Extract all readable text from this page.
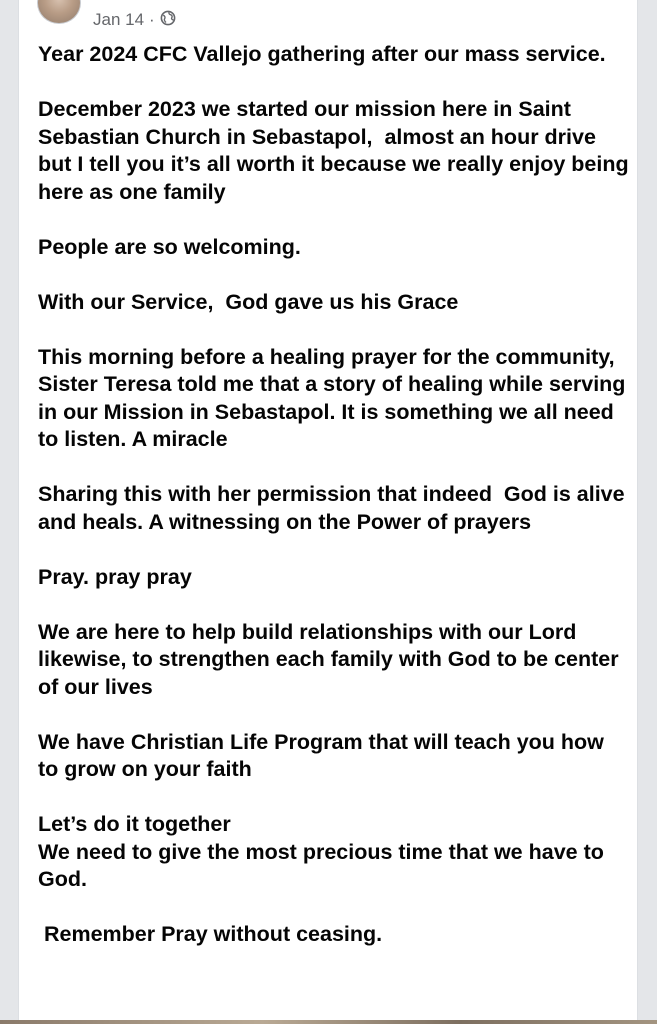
Jan 14 ·

Year 2024 CFC Vallejo gathering after our mass service.

December 2023 we started our mission here in Saint Sebastian Church in Sebastapol,  almost an hour drive but I tell you it’s all worth it because we really enjoy being here as one family

People are so welcoming.

With our Service,  God gave us his Grace

This morning before a healing prayer for the community, Sister Teresa told me that a story of healing while serving in our Mission in Sebastapol. It is something we all need to listen. A miracle

Sharing this with her permission that indeed  God is alive and heals. A witnessing on the Power of prayers

Pray. pray pray

We are here to help build relationships with our Lord likewise, to strengthen each family with God to be center of our lives

We have Christian Life Program that will teach you how to grow on your faith

Let’s do it together
We need to give the most precious time that we have to God.

Remember Pray without ceasing.
